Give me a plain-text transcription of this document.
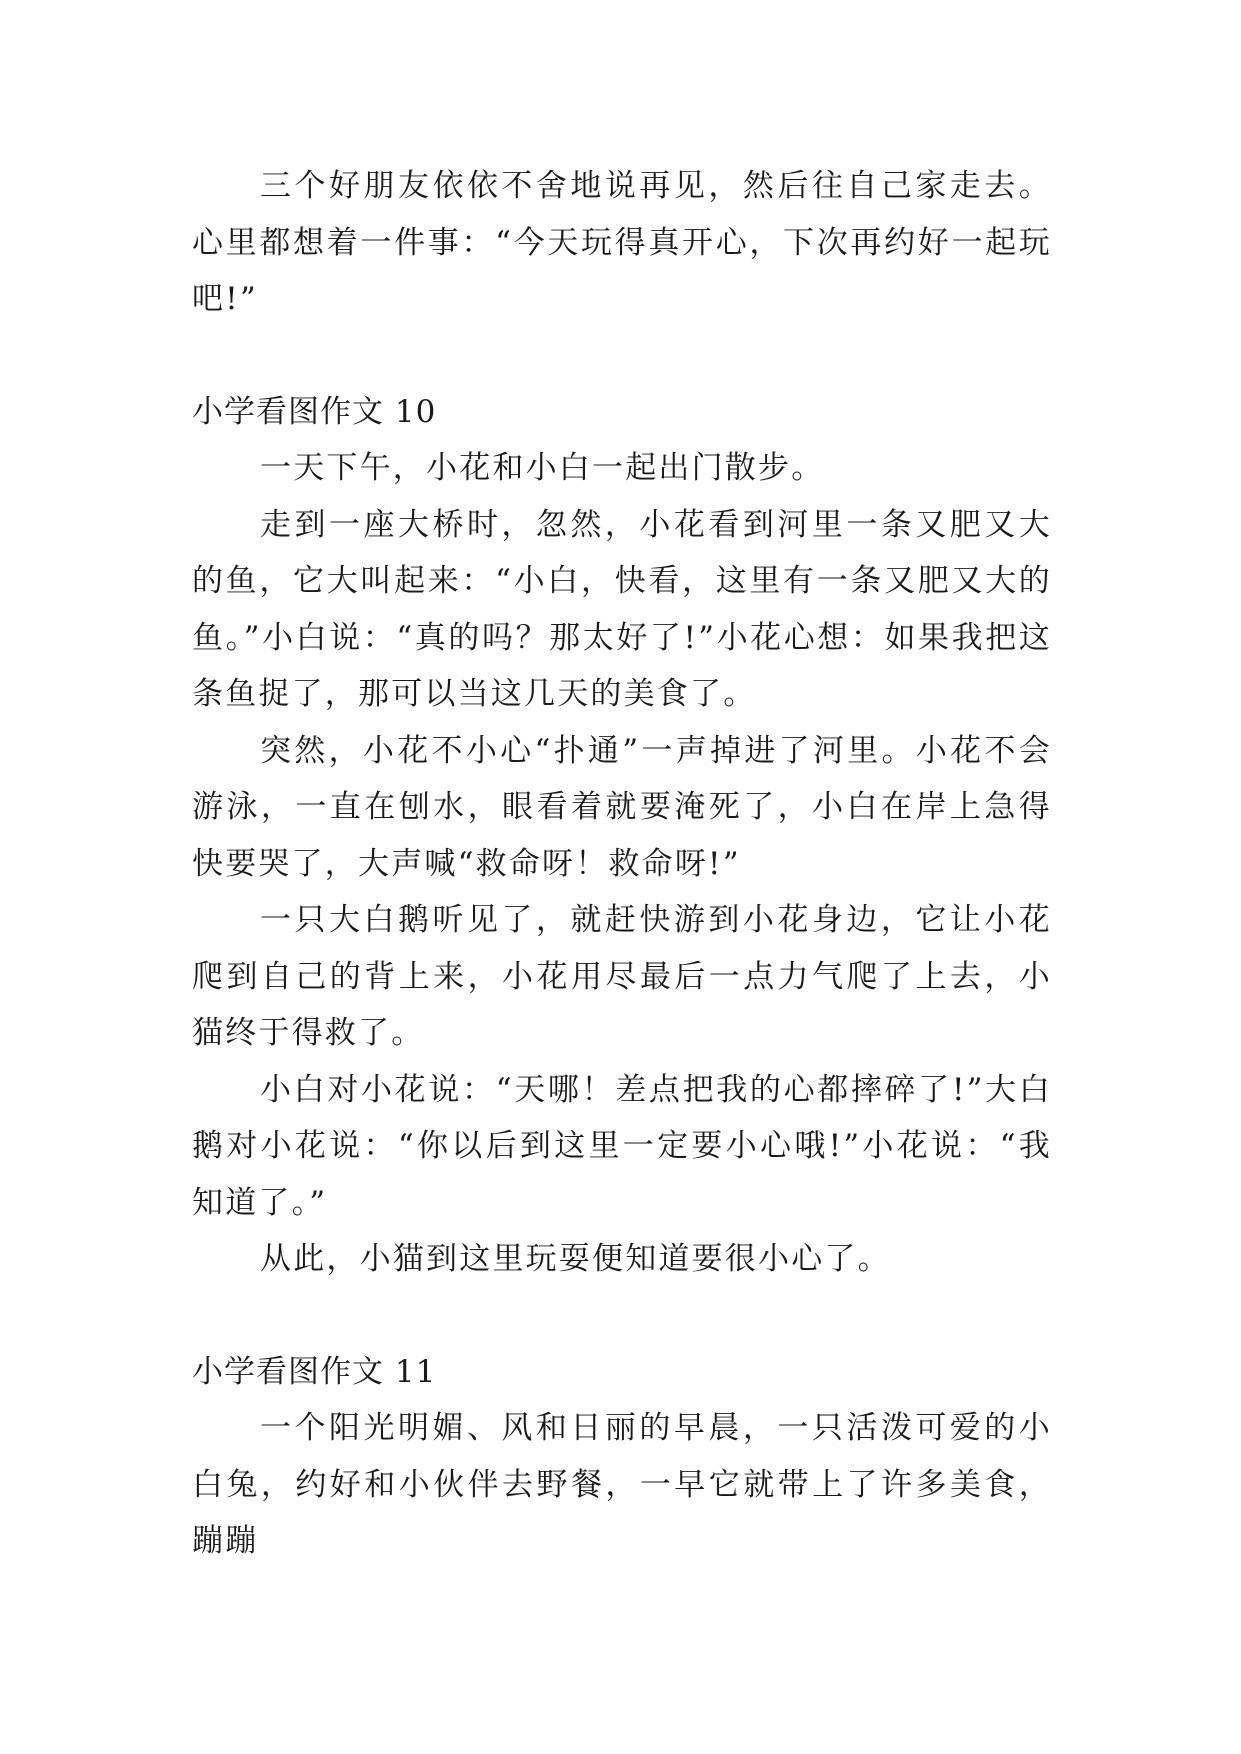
三个好朋友依依不舍地说再见，然后往自己家走去。心里都想着一件事：“今天玩得真开心，下次再约好一起玩吧!”

小学看图作文 10

一天下午，小花和小白一起出门散步。

走到一座大桥时，忽然，小花看到河里一条又肥又大的鱼，它大叫起来：“小白，快看，这里有一条又肥又大的鱼。”小白说：“真的吗？那太好了!”小花心想：如果我把这条鱼捉了，那可以当这几天的美食了。

突然，小花不小心“扑通”一声掉进了河里。小花不会游泳，一直在刨水，眼看着就要淹死了，小白在岸上急得快要哭了，大声喊“救命呀！救命呀!”

一只大白鹅听见了，就赶快游到小花身边，它让小花爬到自己的背上来，小花用尽最后一点力气爬了上去，小猫终于得救了。

小白对小花说：“天哪！差点把我的心都摔碎了!”大白鹅对小花说：“你以后到这里一定要小心哦!”小花说：“我知道了。”

从此，小猫到这里玩耍便知道要很小心了。

小学看图作文 11

一个阳光明媚、风和日丽的早晨，一只活泼可爱的小白兔，约好和小伙伴去野餐，一早它就带上了许多美食，蹦蹦
